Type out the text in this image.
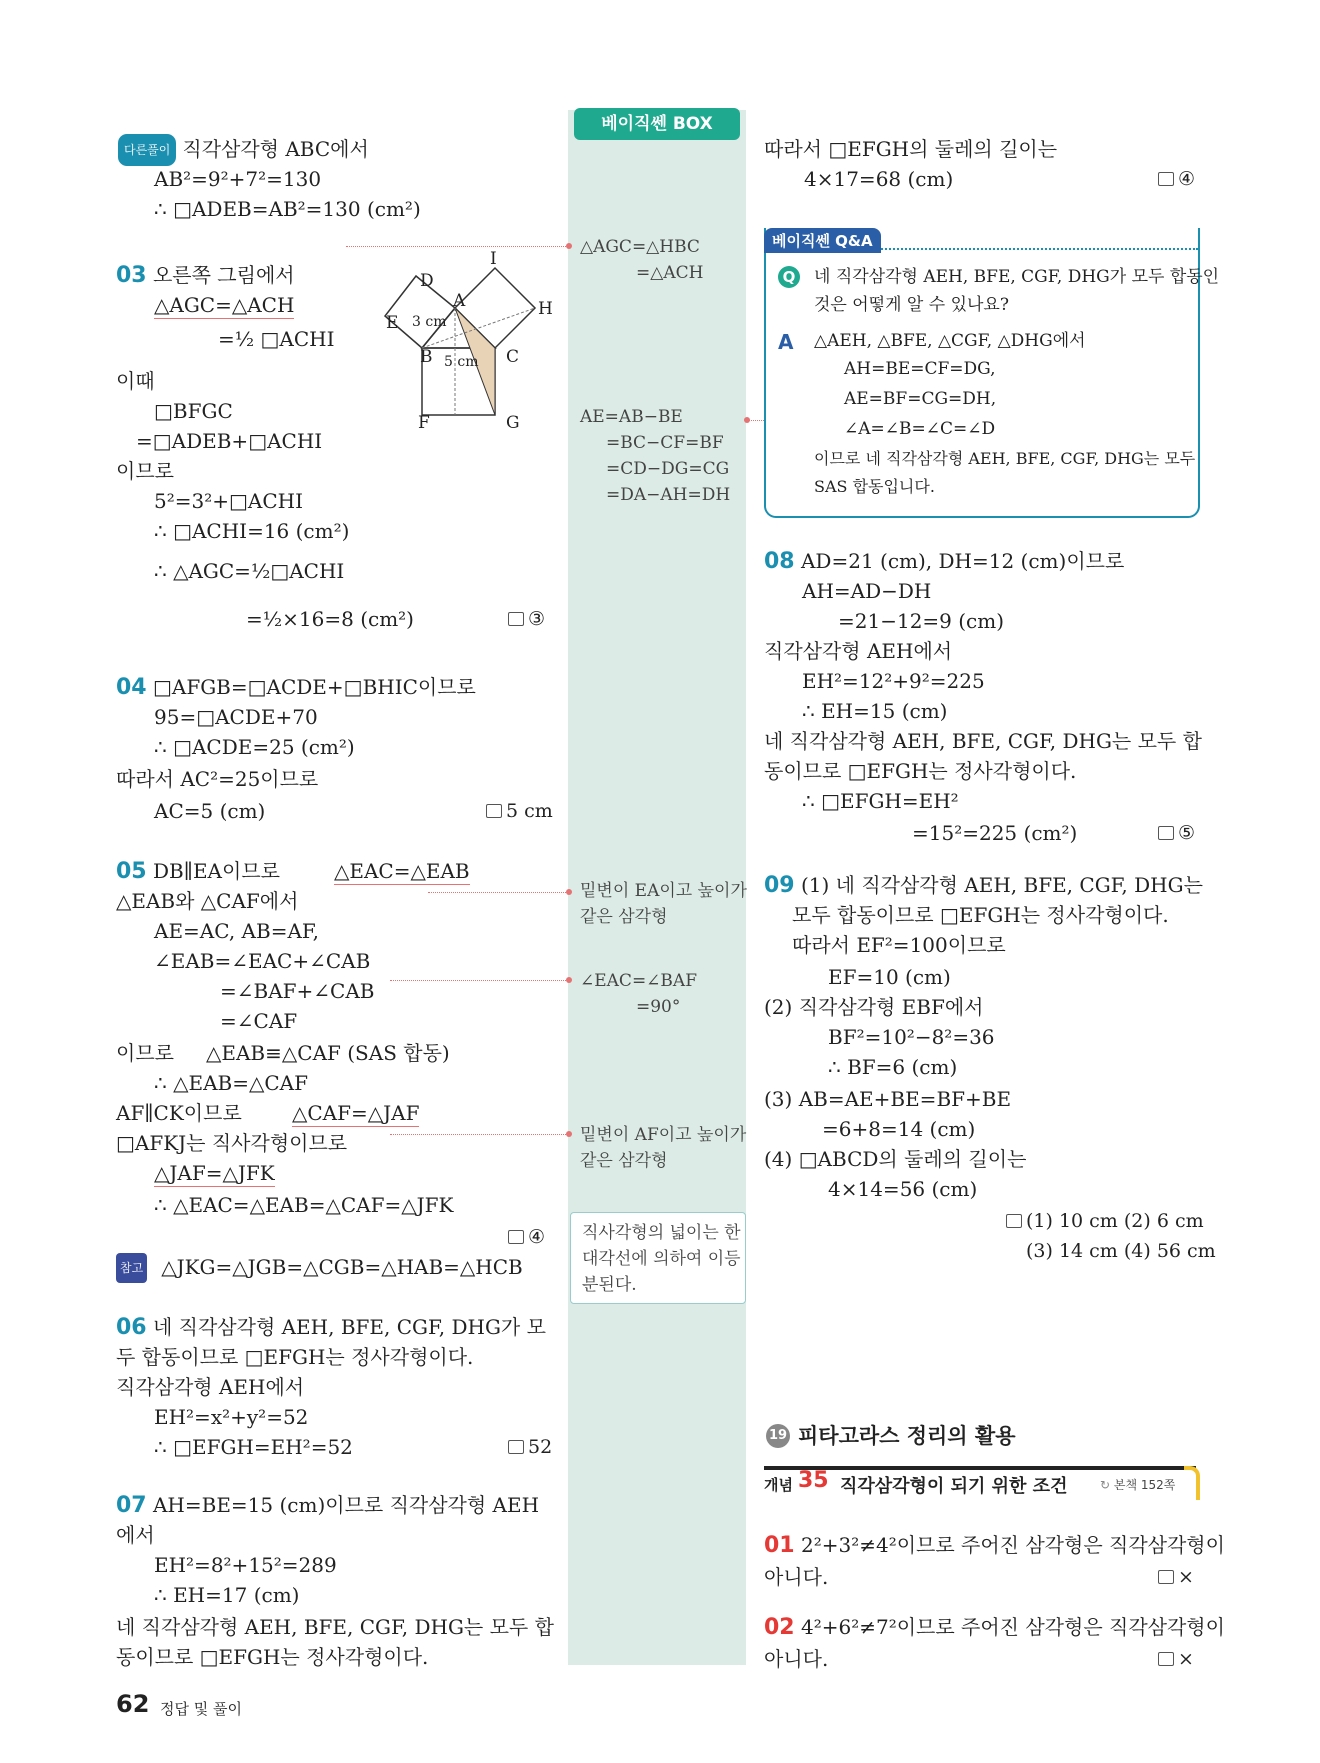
베이직쎈 BOX
다른풀이 직각삼각형 ABC에서
AB²=9²+7²=130
∴ □ADEB=AB²=130 (cm²)
03 오른쪽 그림에서
△AGC=△ACH
=½ □ACHI
이때
□BFGC
=□ADEB+□ACHI
이므로
5²=3²+□ACHI
∴ □ACHI=16 (cm²)
∴ △AGC=½□ACHI
=½×16=8 (cm²)	③
I
D
A	H
E 3 cm
B	C
5 cm
F	G
04 □AFGB=□ACDE+□BHIC이므로
95=□ACDE+70
∴ □ACDE=25 (cm²)
따라서 AC²=25이므로
AC=5 (cm)	5 cm
05 DB∥EA이므로	△EAC=△EAB
△EAB와 △CAF에서
AE=AC, AB=AF,
∠EAB=∠EAC+∠CAB
=∠BAF+∠CAB
=∠CAF
이므로 △EAB≡△CAF (SAS 합동)
∴ △EAB=△CAF
AF∥CK이므로	△CAF=△JAF
□AFKJ는 직사각형이므로
△JAF=△JFK
∴ △EAC=△EAB=△CAF=△JFK
④
참고 △JKG=△JGB=△CGB=△HAB=△HCB
06 네 직각삼각형 AEH, BFE, CGF, DHG가 모
두 합동이므로 □EFGH는 정사각형이다.
직각삼각형 AEH에서
EH²=x²+y²=52
∴ □EFGH=EH²=52	52
07 AH=BE=15 (cm)이므로 직각삼각형 AEH
에서
EH²=8²+15²=289
∴ EH=17 (cm)
네 직각삼각형 AEH, BFE, CGF, DHG는 모두 합
동이므로 □EFGH는 정사각형이다.
△AGC=△HBC
=△ACH
AE=AB−BE
=BC−CF=BF
=CD−DG=CG
=DA−AH=DH
밑변이 EA이고 높이가
같은 삼각형
∠EAC=∠BAF
=90°
밑변이 AF이고 높이가
같은 삼각형
직사각형의 넓이는 한
대각선에 의하여 이등
분된다.
따라서 □EFGH의 둘레의 길이는
4×17=68 (cm)	④
베이직쎈 Q&A
Q 네 직각삼각형 AEH, BFE, CGF, DHG가 모두 합동인
것은 어떻게 알 수 있나요?
A △AEH, △BFE, △CGF, △DHG에서
AH=BE=CF=DG,
AE=BF=CG=DH,
∠A=∠B=∠C=∠D
이므로 네 직각삼각형 AEH, BFE, CGF, DHG는 모두
SAS 합동입니다.
08 AD=21 (cm), DH=12 (cm)이므로
AH=AD−DH
=21−12=9 (cm)
직각삼각형 AEH에서
EH²=12²+9²=225
∴ EH=15 (cm)
네 직각삼각형 AEH, BFE, CGF, DHG는 모두 합
동이므로 □EFGH는 정사각형이다.
∴ □EFGH=EH²
=15²=225 (cm²)	⑤
09 (1) 네 직각삼각형 AEH, BFE, CGF, DHG는
모두 합동이므로 □EFGH는 정사각형이다.
따라서 EF²=100이므로
EF=10 (cm)
(2) 직각삼각형 EBF에서
BF²=10²−8²=36
∴ BF=6 (cm)
(3) AB=AE+BE=BF+BE
=6+8=14 (cm)
(4) □ABCD의 둘레의 길이는
4×14=56 (cm)
(1) 10 cm (2) 6 cm
(3) 14 cm (4) 56 cm
19 피타고라스 정리의 활용
개념 35 직각삼각형이 되기 위한 조건	↻ 본책 152쪽
01 2²+3²≠4²이므로 주어진 삼각형은 직각삼각형이
아니다.	×
02 4²+6²≠7²이므로 주어진 삼각형은 직각삼각형이
아니다.	×
62 정답 및 풀이
